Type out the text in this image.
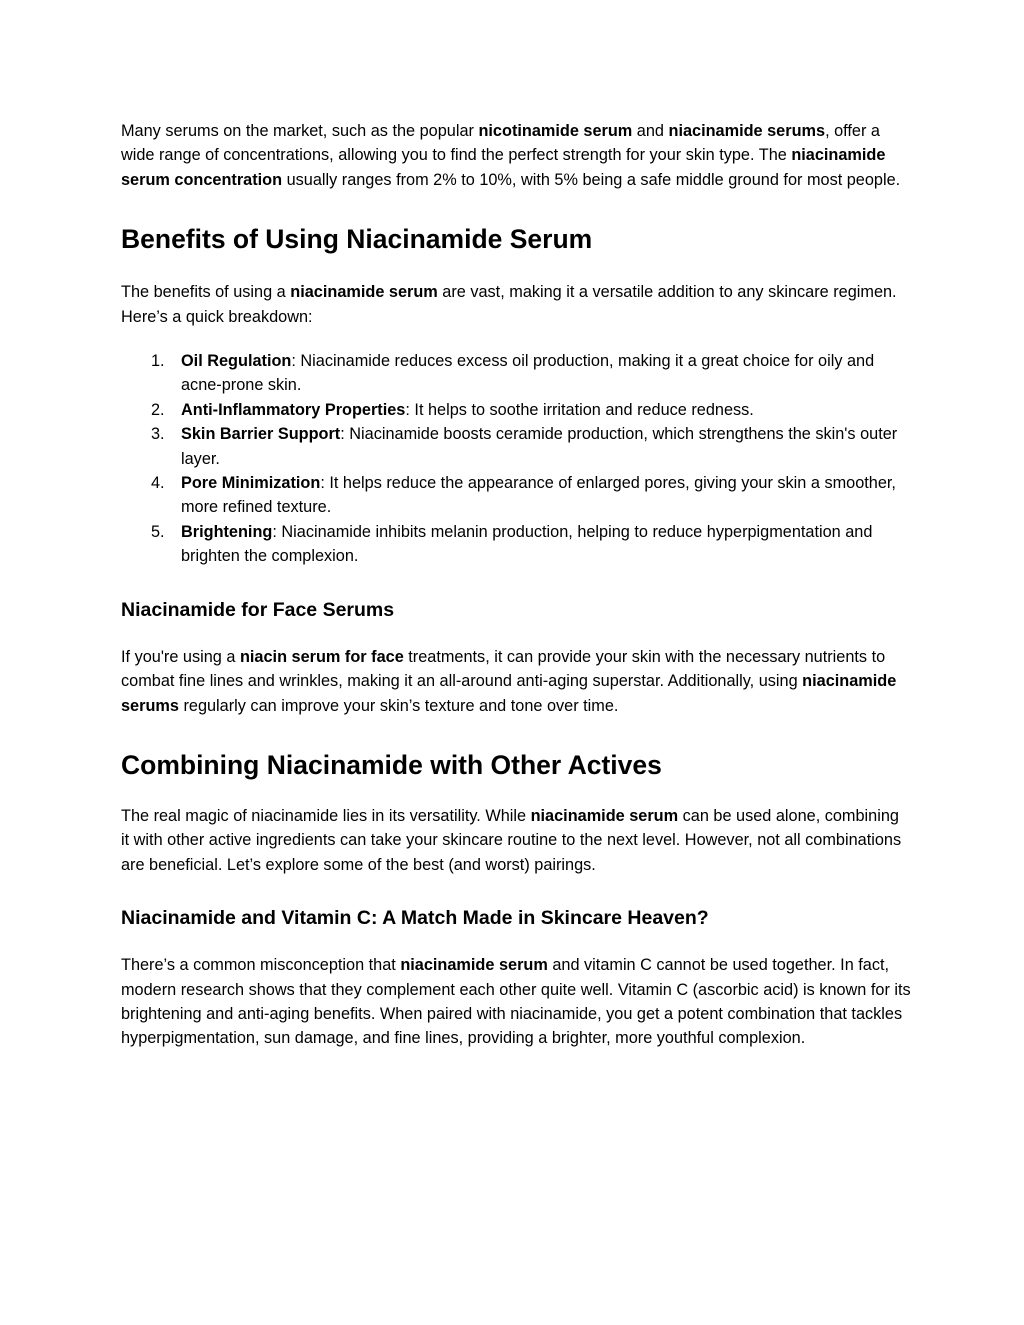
Many serums on the market, such as the popular nicotinamide serum and niacinamide serums, offer a wide range of concentrations, allowing you to find the perfect strength for your skin type. The niacinamide serum concentration usually ranges from 2% to 10%, with 5% being a safe middle ground for most people.

Benefits of Using Niacinamide Serum

The benefits of using a niacinamide serum are vast, making it a versatile addition to any skincare regimen. Here’s a quick breakdown:

1. Oil Regulation: Niacinamide reduces excess oil production, making it a great choice for oily and acne-prone skin.
2. Anti-Inflammatory Properties: It helps to soothe irritation and reduce redness.
3. Skin Barrier Support: Niacinamide boosts ceramide production, which strengthens the skin's outer layer.
4. Pore Minimization: It helps reduce the appearance of enlarged pores, giving your skin a smoother, more refined texture.
5. Brightening: Niacinamide inhibits melanin production, helping to reduce hyperpigmentation and brighten the complexion.
Niacinamide for Face Serums

If you're using a niacin serum for face treatments, it can provide your skin with the necessary nutrients to combat fine lines and wrinkles, making it an all-around anti-aging superstar. Additionally, using niacinamide serums regularly can improve your skin’s texture and tone over time.

Combining Niacinamide with Other Actives

The real magic of niacinamide lies in its versatility. While niacinamide serum can be used alone, combining it with other active ingredients can take your skincare routine to the next level. However, not all combinations are beneficial. Let’s explore some of the best (and worst) pairings.

Niacinamide and Vitamin C: A Match Made in Skincare Heaven?

There’s a common misconception that niacinamide serum and vitamin C cannot be used together. In fact, modern research shows that they complement each other quite well. Vitamin C (ascorbic acid) is known for its brightening and anti-aging benefits. When paired with niacinamide, you get a potent combination that tackles hyperpigmentation, sun damage, and fine lines, providing a brighter, more youthful complexion.
